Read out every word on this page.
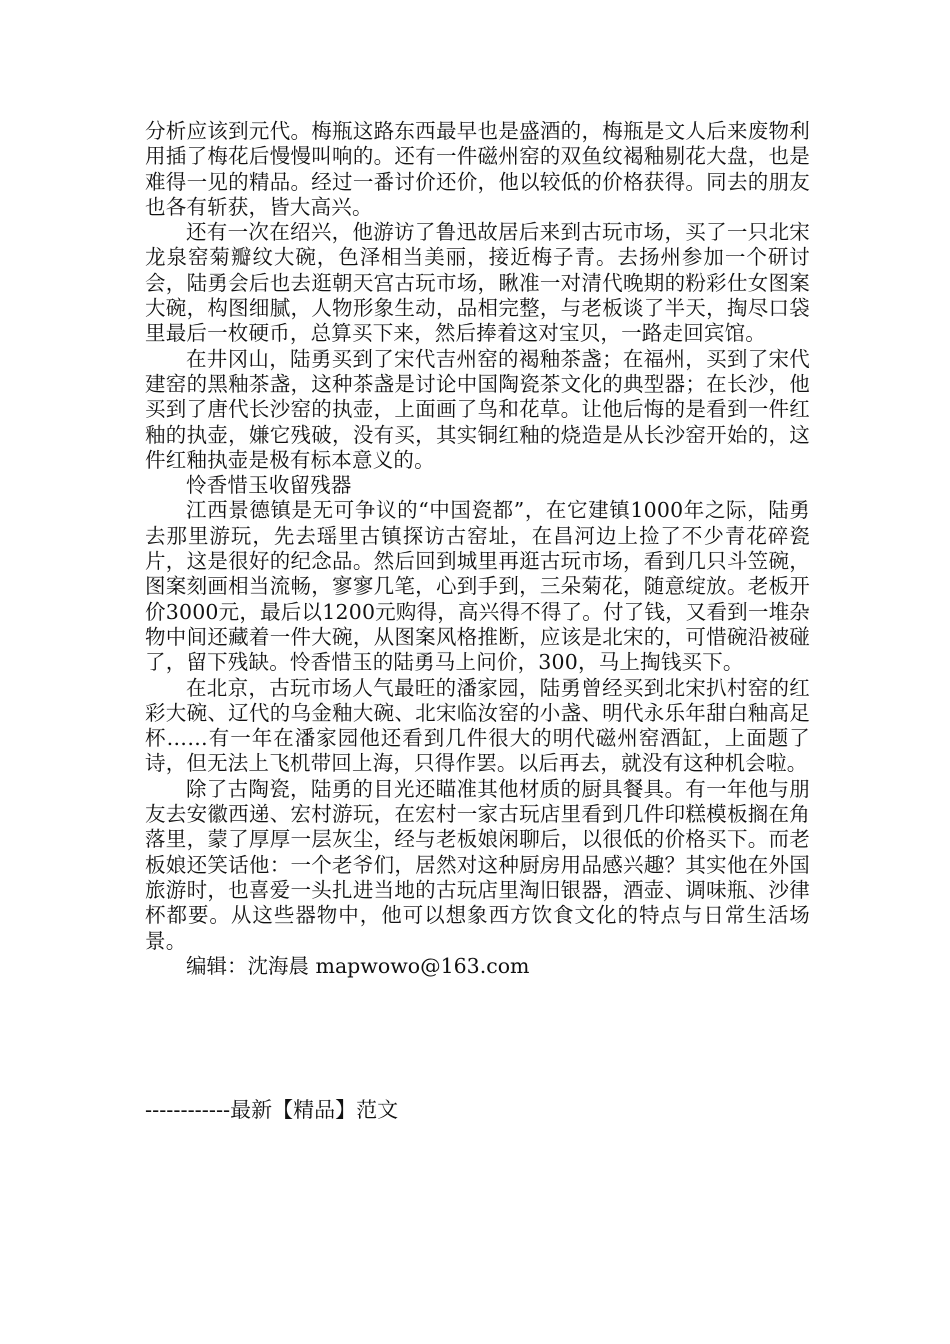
分析应该到元代。梅瓶这路东西最早也是盛酒的，梅瓶是文人后来废物利用插了梅花后慢慢叫响的。还有一件磁州窑的双鱼纹褐釉剔花大盘，也是难得一见的精品。经过一番讨价还价，他以较低的价格获得。同去的朋友也各有斩获，皆大高兴。

还有一次在绍兴，他游访了鲁迅故居后来到古玩市场，买了一只北宋龙泉窑菊瓣纹大碗，色泽相当美丽，接近梅子青。去扬州参加一个研讨会，陆勇会后也去逛朝天宫古玩市场，瞅准一对清代晚期的粉彩仕女图案大碗，构图细腻，人物形象生动，品相完整，与老板谈了半天，掏尽口袋里最后一枚硬币，总算买下来，然后捧着这对宝贝，一路走回宾馆。

在井冈山，陆勇买到了宋代吉州窑的褐釉茶盏；在福州，买到了宋代建窑的黑釉茶盏，这种茶盏是讨论中国陶瓷茶文化的典型器；在长沙，他买到了唐代长沙窑的执壶，上面画了鸟和花草。让他后悔的是看到一件红釉的执壶，嫌它残破，没有买，其实铜红釉的烧造是从长沙窑开始的，这件红釉执壶是极有标本意义的。

怜香惜玉收留残器

江西景德镇是无可争议的“中国瓷都”，在它建镇1000年之际，陆勇去那里游玩，先去瑶里古镇探访古窑址，在昌河边上捡了不少青花碎瓷片，这是很好的纪念品。然后回到城里再逛古玩市场，看到几只斗笠碗，图案刻画相当流畅，寥寥几笔，心到手到，三朵菊花，随意绽放。老板开价3000元，最后以1200元购得，高兴得不得了。付了钱，又看到一堆杂物中间还藏着一件大碗，从图案风格推断，应该是北宋的，可惜碗沿被碰了，留下残缺。怜香惜玉的陆勇马上问价，300，马上掏钱买下。

在北京，古玩市场人气最旺的潘家园，陆勇曾经买到北宋扒村窑的红彩大碗、辽代的乌金釉大碗、北宋临汝窑的小盏、明代永乐年甜白釉高足杯……有一年在潘家园他还看到几件很大的明代磁州窑酒缸，上面题了诗，但无法上飞机带回上海，只得作罢。以后再去，就没有这种机会啦。

除了古陶瓷，陆勇的目光还瞄准其他材质的厨具餐具。有一年他与朋友去安徽西递、宏村游玩，在宏村一家古玩店里看到几件印糕模板搁在角落里，蒙了厚厚一层灰尘，经与老板娘闲聊后，以很低的价格买下。而老板娘还笑话他：一个老爷们，居然对这种厨房用品感兴趣？其实他在外国旅游时，也喜爱一头扎进当地的古玩店里淘旧银器，酒壶、调味瓶、沙律杯都要。从这些器物中，他可以想象西方饮食文化的特点与日常生活场景。

编辑：沈海晨 mapwowo@163.com

------------最新【精品】范文
